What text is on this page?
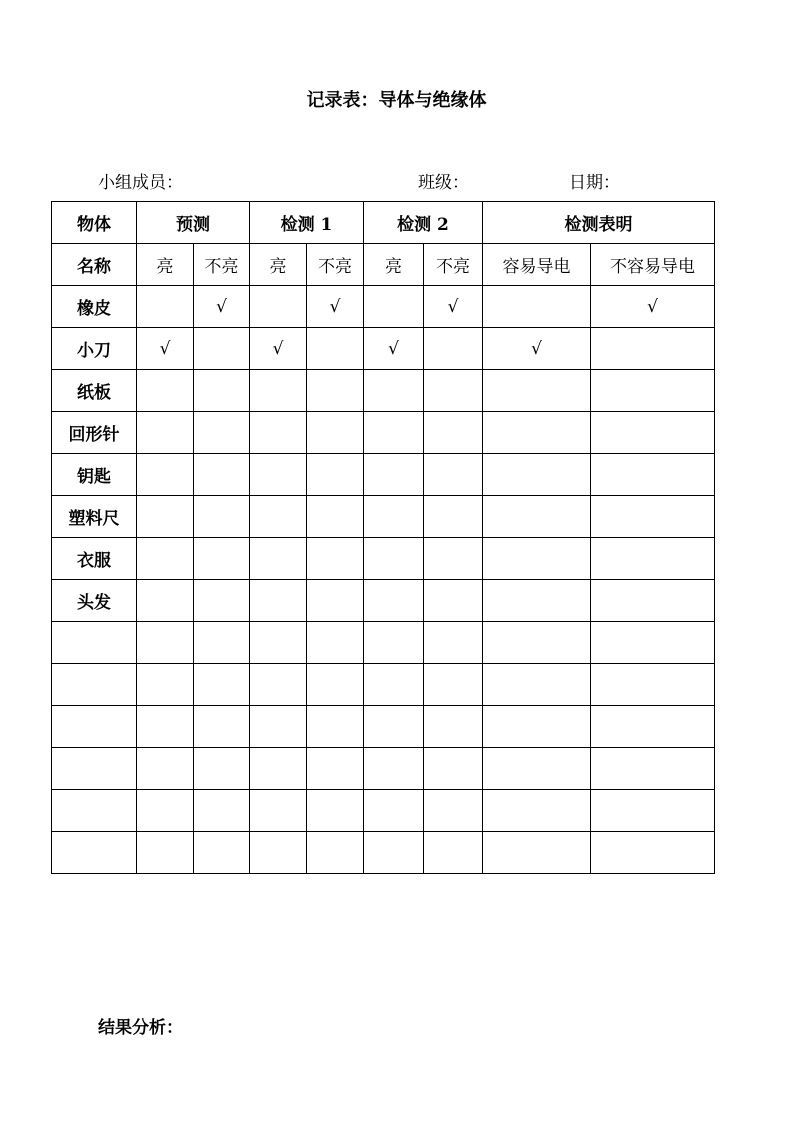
记录表：导体与绝缘体
小组成员：	班级：	日期：
物体	预测		检测 1		检测 2		检测表明	
名称	亮	不亮	亮	不亮	亮	不亮	容易导电	不容易导电
橡皮		√		√		√		√
小刀	√		√		√		√	
纸板								
回形针								
钥匙								
塑料尺								
衣服								
头发								

结果分析：
